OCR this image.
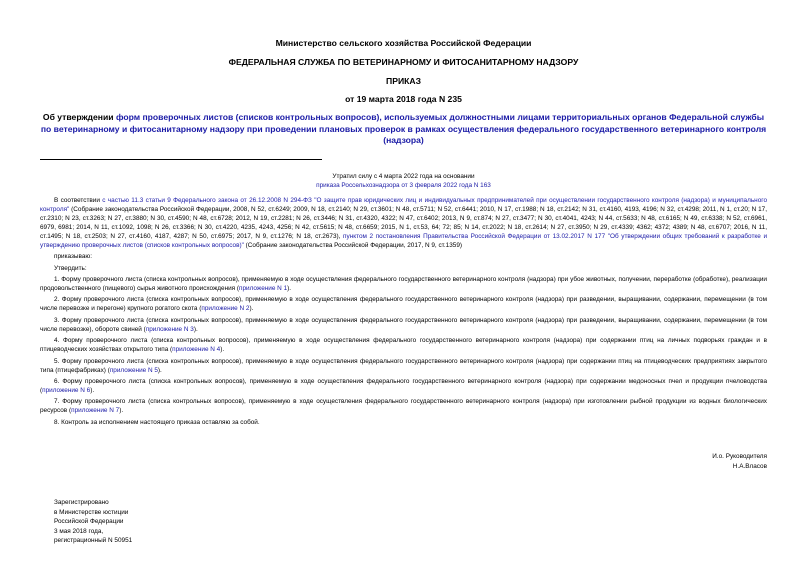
Министерство сельского хозяйства Российской Федерации
ФЕДЕРАЛЬНАЯ СЛУЖБА ПО ВЕТЕРИНАРНОМУ И ФИТОСАНИТАРНОМУ НАДЗОРУ
ПРИКАЗ
от 19 марта 2018 года N 235
Об утверждении форм проверочных листов (списков контрольных вопросов), используемых должностными лицами территориальных органов Федеральной службы по ветеринарному и фитосанитарному надзору при проведении плановых проверок в рамках осуществления федерального государственного ветеринарного контроля (надзора)
Утратил силу с 4 марта 2022 года на основании
приказа Россельхознадзора от 3 февраля 2022 года N 163

В соответствии с частью 11.3 статьи 9 Федерального закона от 26.12.2008 N 294-ФЗ "О защите прав юридических лиц и индивидуальных предпринимателей при осуществлении государственного контроля (надзора) и муниципального контроля" (Собрание законодательства Российской Федерации, 2008, N 52, ст.6249; 2009, N 18, ст.2140; N 29, ст.3601; N 48, ст.5711; N 52, ст.6441; 2010, N 17, ст.1988; N 18, ст.2142; N 31, ст.4160, 4193, 4196; N 32, ст.4298; 2011, N 1, ст.20; N 17, ст.2310; N 23, ст.3263; N 27, ст.3880; N 30, ст.4590; N 48, ст.6728; 2012, N 19, ст.2281; N 26, ст.3446; N 31, ст.4320, 4322; N 47, ст.6402; 2013, N 9, ст.874; N 27, ст.3477; N 30, ст.4041, 4243; N 44, ст.5633; N 48, ст.6165; N 49, ст.6338; N 52, ст.6961, 6979, 6981; 2014, N 11, ст.1092, 1098; N 26, ст.3366; N 30, ст.4220, 4235, 4243, 4256; N 42, ст.5615; N 48, ст.6659; 2015, N 1, ст.53, 64; 72; 85; N 14, ст.2022; N 18, ст.2614; N 27, ст.3950; N 29, ст.4339; 4362; 4372; 4389; N 48, ст.6707; 2016, N 11, ст.1495; N 18, ст.2503; N 27, ст.4160, 4187, 4287; N 50, ст.6975; 2017, N 9, ст.1276; N 18, ст.2673), пунктом 2 постановления Правительства Российской Федерации от 13.02.2017 N 177 "Об утверждении общих требований к разработке и утверждению проверочных листов (списков контрольных вопросов)" (Собрание законодательства Российской Федерации, 2017, N 9, ст.1359)

приказываю:

Утвердить:

1. Форму проверочного листа (списка контрольных вопросов), применяемую в ходе осуществления федерального государственного ветеринарного контроля (надзора) при убое животных, получении, переработке (обработке), реализации продовольственного (пищевого) сырья животного происхождения (приложение N 1).

2. Форму проверочного листа (списка контрольных вопросов), применяемую в ходе осуществления федерального государственного ветеринарного контроля (надзора) при разведении, выращивании, содержании, перемещении (в том числе перевозке и перегоне) крупного рогатого скота (приложение N 2).

3. Форму проверочного листа (списка контрольных вопросов), применяемую в ходе осуществления федерального государственного ветеринарного контроля (надзора) при разведении, выращивании, содержании, перемещении (в том числе перевозке), обороте свиней (приложение N 3).

4. Форму проверочного листа (списка контрольных вопросов), применяемую в ходе осуществления федерального государственного ветеринарного контроля (надзора) при содержании птиц на личных подворьях граждан и в птицеводческих хозяйствах открытого типа (приложение N 4).

5. Форму проверочного листа (списка контрольных вопросов), применяемую в ходе осуществления федерального государственного ветеринарного контроля (надзора) при содержании птиц на птицеводческих предприятиях закрытого типа (птицефабриках) (приложение N 5).

6. Форму проверочного листа (списка контрольных вопросов), применяемую в ходе осуществления федерального государственного ветеринарного контроля (надзора) при содержании медоносных пчел и продукции пчеловодства (приложение N 6).

7. Форму проверочного листа (списка контрольных вопросов), применяемую в ходе осуществления федерального государственного ветеринарного контроля (надзора) при изготовлении рыбной продукции из водных биологических ресурсов (приложение N 7).

8. Контроль за исполнением настоящего приказа оставляю за собой.

И.о. Руководителя
Н.А.Власов
Зарегистрировано
в Министерстве юстиции
Российской Федерации
3 мая 2018 года,
регистрационный N 50951
